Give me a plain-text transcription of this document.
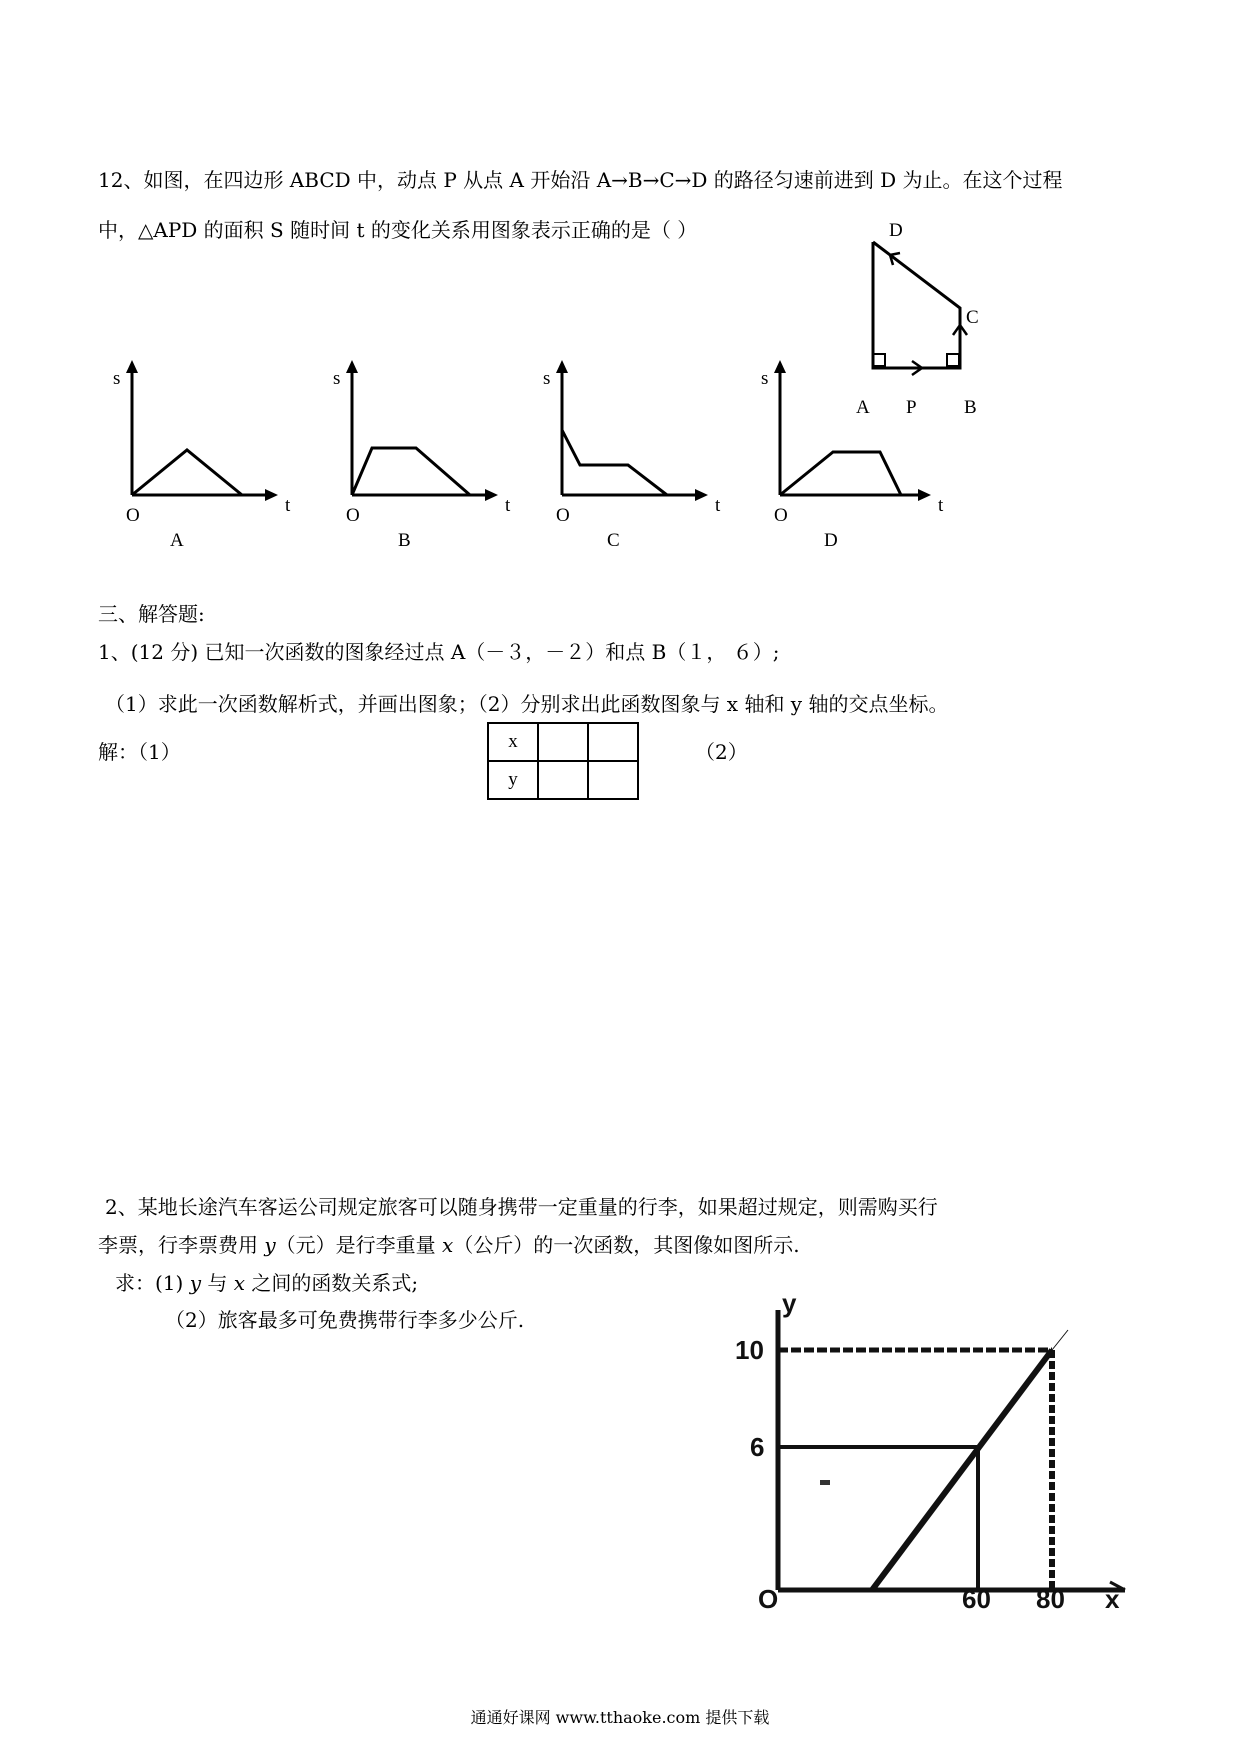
12、如图，在四边形 ABCD 中，动点 P 从点 A 开始沿 A→B→C→D 的路径匀速前进到 D 为止。在这个过程
中，△APD 的面积 S 随时间 t 的变化关系用图象表示正确的是（ ）	D
C
A P B
s
t
O
A
s
t
O
B
s
t
O
C
s
t
O
D
三、解答题:
1、(12 分) 已知一次函数的图象经过点 A（－３，－２）和点 B（１， ６）;
（1）求此一次函数解析式，并画出图象；（2）分别求出此函数图象与 x 轴和 y 轴的交点坐标。
解：（1）	（2）
x		
y		
2、某地长途汽车客运公司规定旅客可以随身携带一定重量的行李，如果超过规定，则需购买行
李票，行李票费用 y（元）是行李重量 x（公斤）的一次函数，其图像如图所示.
求：(1) y 与 x 之间的函数关系式;
（2）旅客最多可免费携带行李多少公斤.
y
x
O
10
6
60 80
通通好课网 www.tthaoke.com 提供下载
